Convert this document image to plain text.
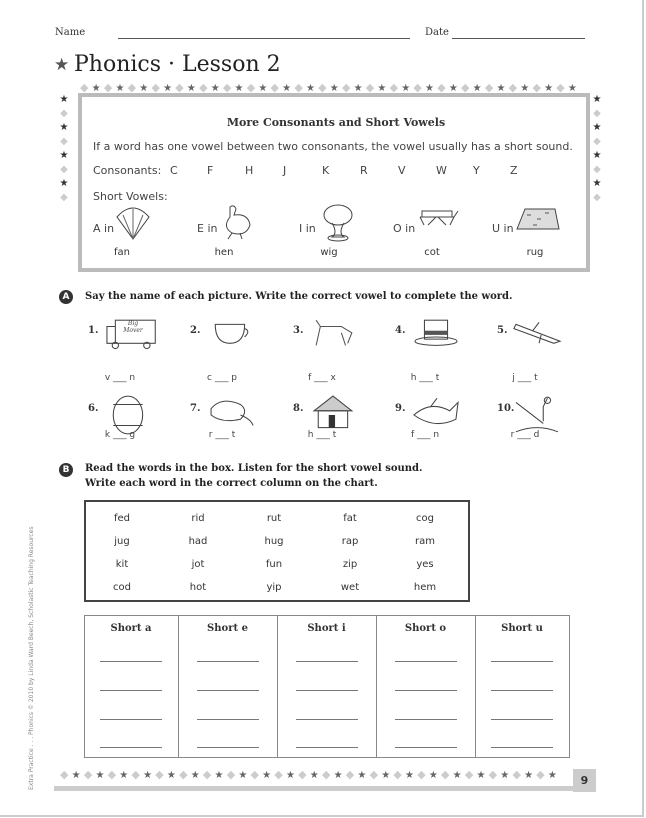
Name	Date
★ Phonics · Lesson 2
◆ ★ ◆ ★ ◆ ★ ◆ ★ ◆ ★ ◆ ★ ◆ ★ ◆ ★ ◆ ★ ◆ ★ ◆ ★ ◆ ★ ◆ ★ ◆ ★ ◆ ★ ◆ ★ ◆ ★ ◆ ★ ◆ ★ ◆ ★ ◆ ★
★
◆
★
◆
★
◆
★
◆
★
◆
★
◆
★
◆
★
◆
More Consonants and Short Vowels
If a word has one vowel between two consonants, the vowel usually has a short sound.
Consonants:
Short Vowels:
A	Say the name of each picture. Write the correct vowel to complete the word.
B	Read the words in the box. Listen for the short vowel sound.
Write each word in the correct column on the chart.
◆ ★ ◆ ★ ◆ ★ ◆ ★ ◆ ★ ◆ ★ ◆ ★ ◆ ★ ◆ ★ ◆ ★ ◆ ★ ◆ ★ ◆ ★ ◆ ★ ◆ ★ ◆ ★ ◆ ★ ◆ ★ ◆ ★ ◆ ★ ◆ ★	9
Extra Practice . . . Phonics © 2010 by Linda Ward Beech, Scholastic Teaching Resources
C	F	H	J	K	R	V	W Y	Z
A in
fan
E in
hen
I in
wig
O in
cot
U in
rug
1.
v ___ n
2.
c ___ p
3.
f ___ x
4.
h ___ t
5.
j ___ t
6.
k ___ g
7.
r ___ t
8.
h ___ t
9.
f ___ n
10.
r ___ d
Big Mover
fed	rid	rut	fat	cog
jug	had	hug	rap	ram
kit	jot	fun	zip	yes
cod	hot	yip	wet	hem
Short a	Short e	Short i	Short o	Short u
